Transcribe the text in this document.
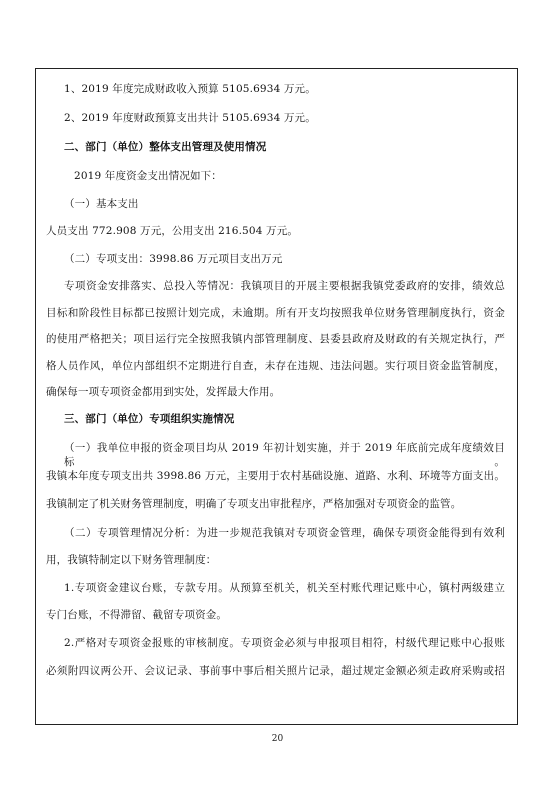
1、2019 年度完成财政收入预算 5105.6934 万元。
2、2019 年度财政预算支出共计 5105.6934 万元。
二、部门（单位）整体支出管理及使用情况
2019 年度资金支出情况如下：
（一）基本支出
人员支出 772.908 万元，公用支出 216.504 万元。
（二）专项支出：3998.86 万元项目支出万元
专项资金安排落实、总投入等情况：我镇项目的开展主要根据我镇党委政府的安排，绩效总
目标和阶段性目标都已按照计划完成，未逾期。所有开支均按照我单位财务管理制度执行，资金
的使用严格把关；项目运行完全按照我镇内部管理制度、县委县政府及财政的有关规定执行，严
格人员作风，单位内部组织不定期进行自查，未存在违规、违法问题。实行项目资金监管制度，
确保每一项专项资金都用到实处，发挥最大作用。
三、部门（单位）专项组织实施情况
（一）我单位申报的资金项目均从 2019 年初计划实施，并于 2019 年底前完成年度绩效目标。
我镇本年度专项支出共 3998.86 万元，主要用于农村基础设施、道路、水利、环境等方面支出。
我镇制定了机关财务管理制度，明确了专项支出审批程序，严格加强对专项资金的监管。
（二）专项管理情况分析：为进一步规范我镇对专项资金管理，确保专项资金能得到有效利
用，我镇特制定以下财务管理制度：
1.专项资金建议台账，专款专用。从预算至机关，机关至村账代理记账中心，镇村两级建立
专门台账，不得滞留、截留专项资金。
2.严格对专项资金报账的审核制度。专项资金必须与申报项目相符，村级代理记账中心报账
必须附四议两公开、会议记录、事前事中事后相关照片记录，超过规定金额必须走政府采购或招
20
